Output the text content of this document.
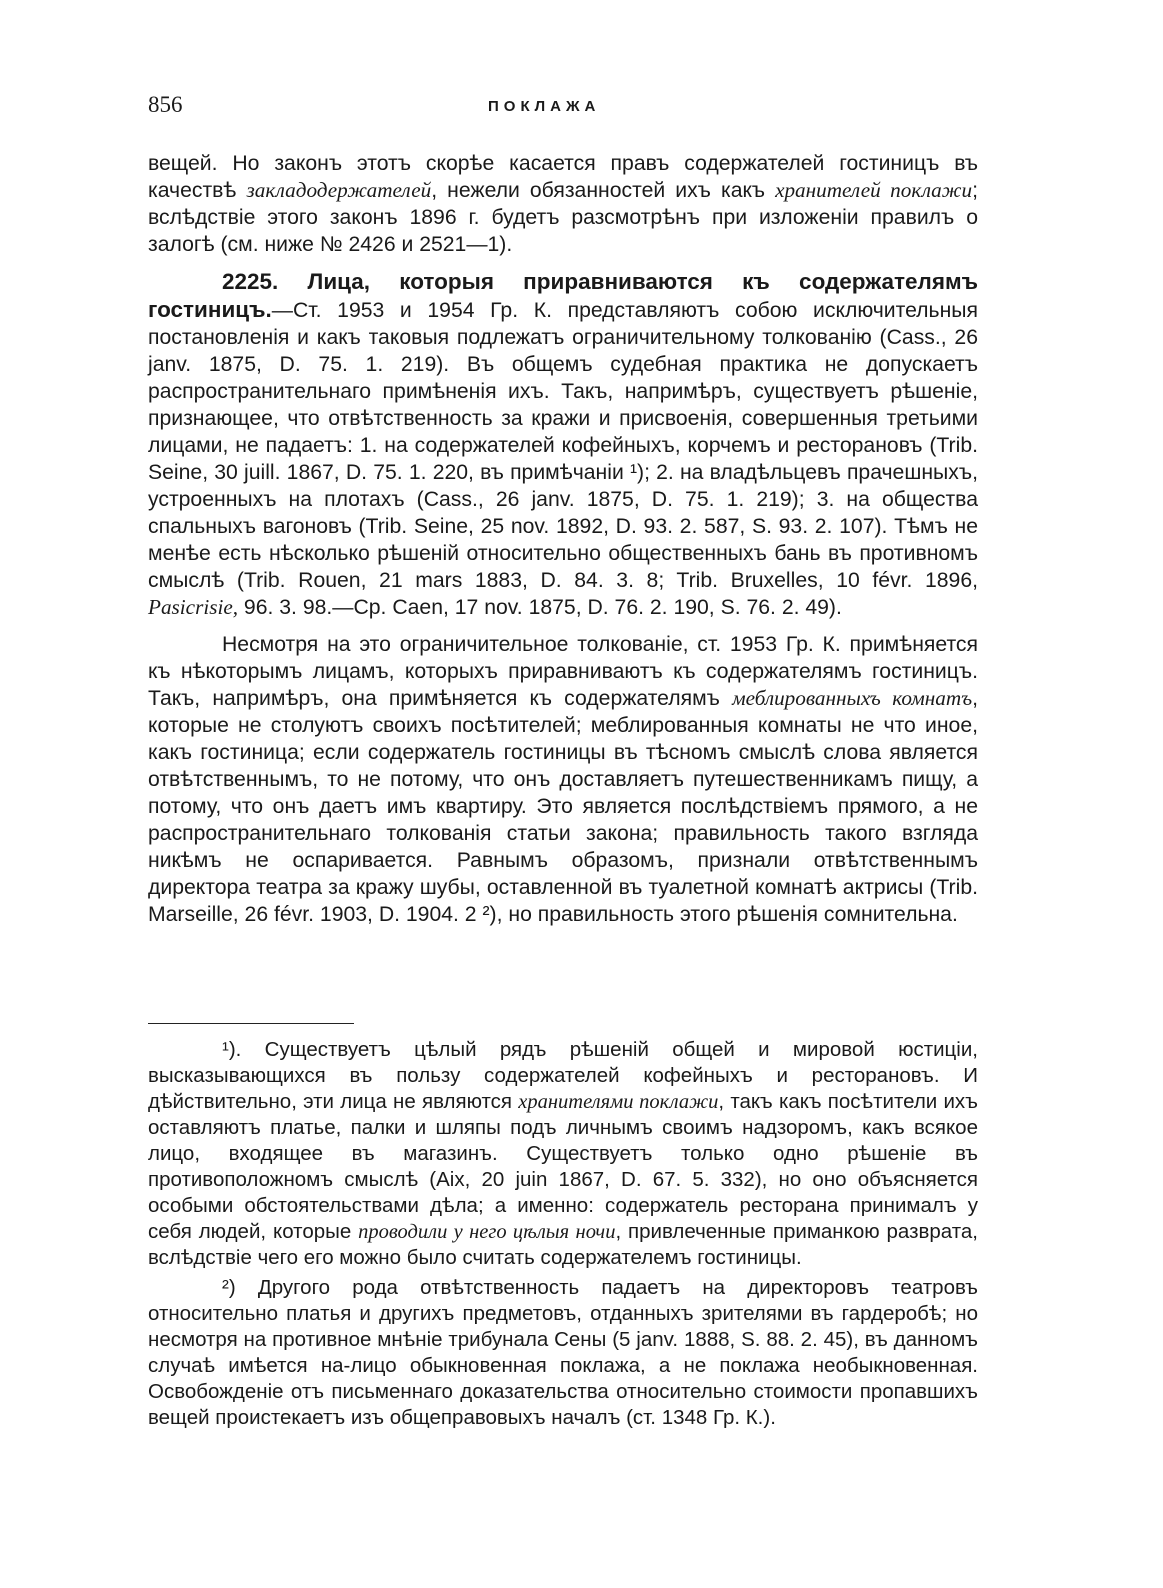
856	ПОКЛАЖА

вещей. Но законъ этотъ скорѣе касается правъ содержателей гостиницъ въ качествѣ закладодержателей, нежели обязанностей ихъ какъ хранителей поклажи; вслѣдствіе этого законъ 1896 г. будетъ разсмотрѣнъ при изложеніи правилъ о залогѣ (см. ниже № 2426 и 2521—1).

2225. Лица, которыя приравниваются къ содержателямъ гостиницъ.—Ст. 1953 и 1954 Гр. К. представляютъ собою исключительныя постановленія и какъ таковыя подлежатъ ограничительному толкованію (Cass., 26 janv. 1875, D. 75. 1. 219). Въ общемъ судебная практика не допускаетъ распространительнаго примѣненія ихъ. Такъ, напримѣръ, существуетъ рѣшеніе, признающее, что отвѣтственность за кражи и присвоенія, совершенныя третьими лицами, не падаетъ: 1. на содержателей кофейныхъ, корчемъ и ресторановъ (Trib. Seine, 30 juill. 1867, D. 75. 1. 220, въ примѣчаніи ¹); 2. на владѣльцевъ прачешныхъ, устроенныхъ на плотахъ (Cass., 26 janv. 1875, D. 75. 1. 219); 3. на общества спальныхъ вагоновъ (Trib. Seine, 25 nov. 1892, D. 93. 2. 587, S. 93. 2. 107). Тѣмъ не менѣе есть нѣсколько рѣшеній относительно общественныхъ бань въ противномъ смыслѣ (Trib. Rouen, 21 mars 1883, D. 84. 3. 8; Trib. Bruxelles, 10 févr. 1896, Pasicrisie, 96. 3. 98.—Ср. Caen, 17 nov. 1875, D. 76. 2. 190, S. 76. 2. 49).

Несмотря на это ограничительное толкованіе, ст. 1953 Гр. К. примѣняется къ нѣкоторымъ лицамъ, которыхъ приравниваютъ къ содержателямъ гостиницъ. Такъ, напримѣръ, она примѣняется къ содержателямъ меблированныхъ комнатъ, которые не столуютъ своихъ посѣтителей; меблированныя комнаты не что иное, какъ гостиница; если содержатель гостиницы въ тѣсномъ смыслѣ слова является отвѣтственнымъ, то не потому, что онъ доставляетъ путешественникамъ пищу, а потому, что онъ даетъ имъ квартиру. Это является послѣдствіемъ прямого, а не распространительнаго толкованія статьи закона; правильность такого взгляда никѣмъ не оспаривается. Равнымъ образомъ, признали отвѣтственнымъ директора театра за кражу шубы, оставленной въ туалетной комнатѣ актрисы (Trib. Marseille, 26 févr. 1903, D. 1904. 2 ²), но правильность этого рѣшенія сомнительна.

¹). Существуетъ цѣлый рядъ рѣшеній общей и мировой юстиціи, высказывающихся въ пользу содержателей кофейныхъ и ресторановъ. И дѣйствительно, эти лица не являются хранителями поклажи, такъ какъ посѣтители ихъ оставляютъ платье, палки и шляпы подъ личнымъ своимъ надзоромъ, какъ всякое лицо, входящее въ магазинъ. Существуетъ только одно рѣшеніе въ противоположномъ смыслѣ (Aix, 20 juin 1867, D. 67. 5. 332), но оно объясняется особыми обстоятельствами дѣла; а именно: содержатель ресторана принималъ у себя людей, которые проводили у него цѣлыя ночи, привлеченные приманкою разврата, вслѣдствіе чего его можно было считать содержателемъ гостиницы.

²) Другого рода отвѣтственность падаетъ на директоровъ театровъ относительно платья и другихъ предметовъ, отданныхъ зрителями въ гардеробѣ; но несмотря на противное мнѣніе трибунала Сены (5 janv. 1888, S. 88. 2. 45), въ данномъ случаѣ имѣется на-лицо обыкновенная поклажа, а не поклажа необыкновенная. Освобожденіе отъ письменнаго доказательства относительно стоимости пропавшихъ вещей проистекаетъ изъ общеправовыхъ началъ (ст. 1348 Гр. К.).
